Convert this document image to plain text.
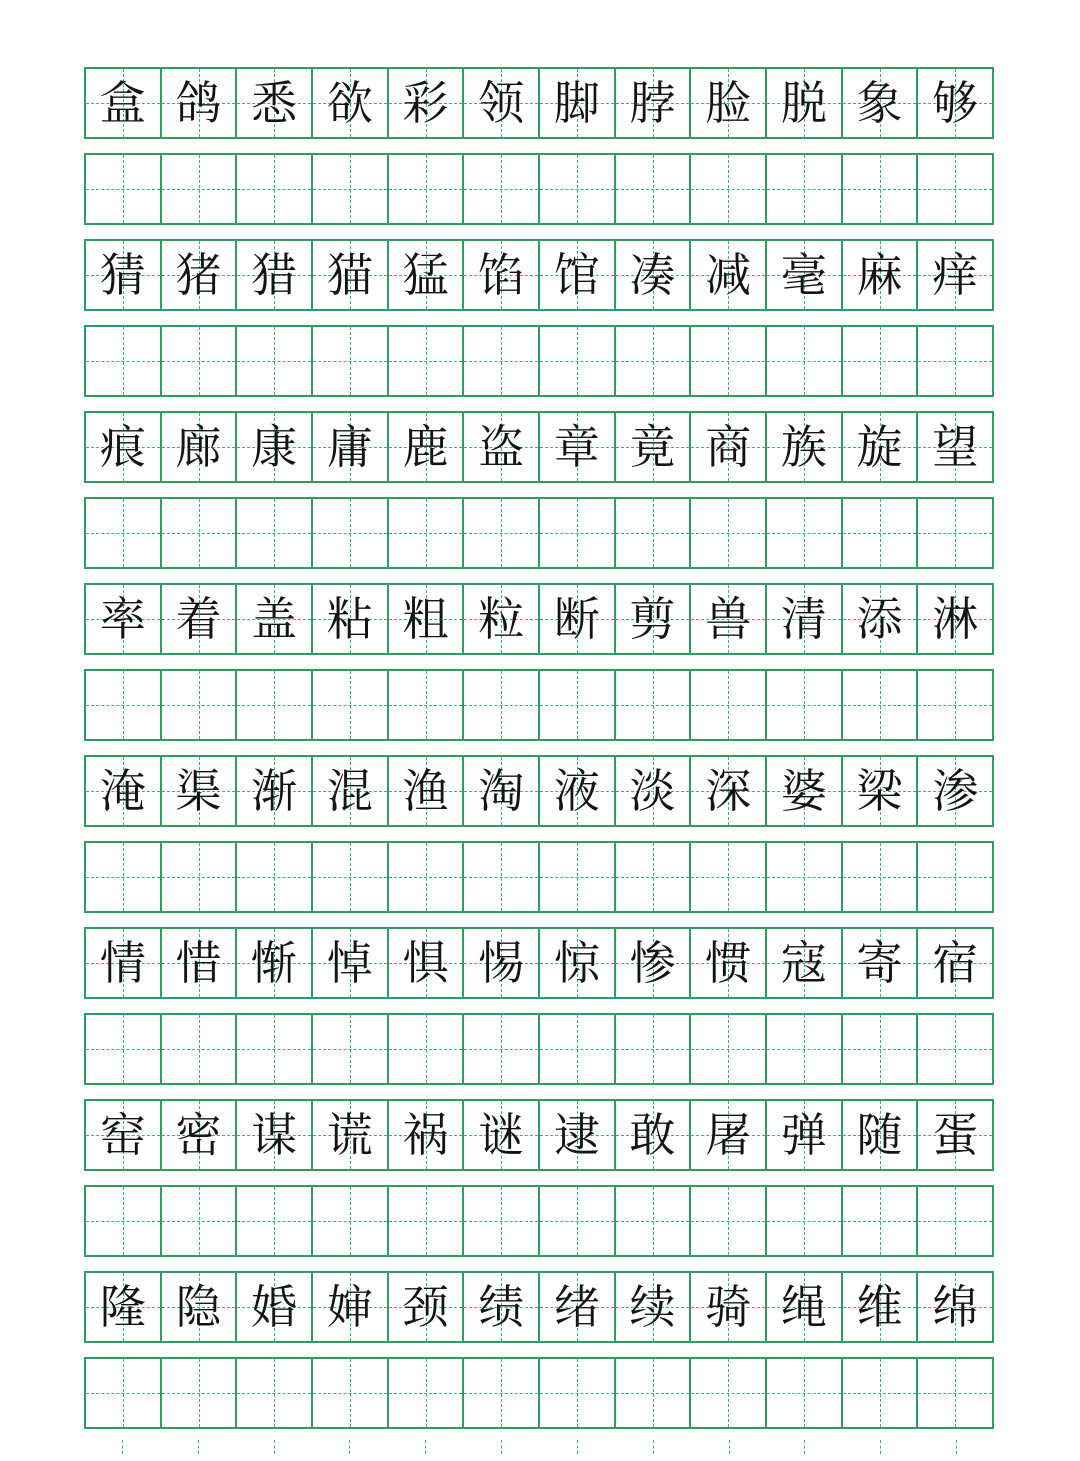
盒 鸽 悉 欲 彩 领 脚 脖 脸 脱 象 够
猜 猪 猎 猫 猛 馅 馆 凑 减 毫 麻 痒
痕 廊 康 庸 鹿 盗 章 竟 商 族 旋 望
率 着 盖 粘 粗 粒 断 剪 兽 清 添 淋
淹 渠 渐 混 渔 淘 液 淡 深 婆 梁 渗
情 惜 惭 悼 惧 惕 惊 惨 惯 寇 寄 宿
窑 密 谋 谎 祸 谜 逮 敢 屠 弹 随 蛋
隆 隐 婚 婶 颈 绩 绪 续 骑 绳 维 绵
